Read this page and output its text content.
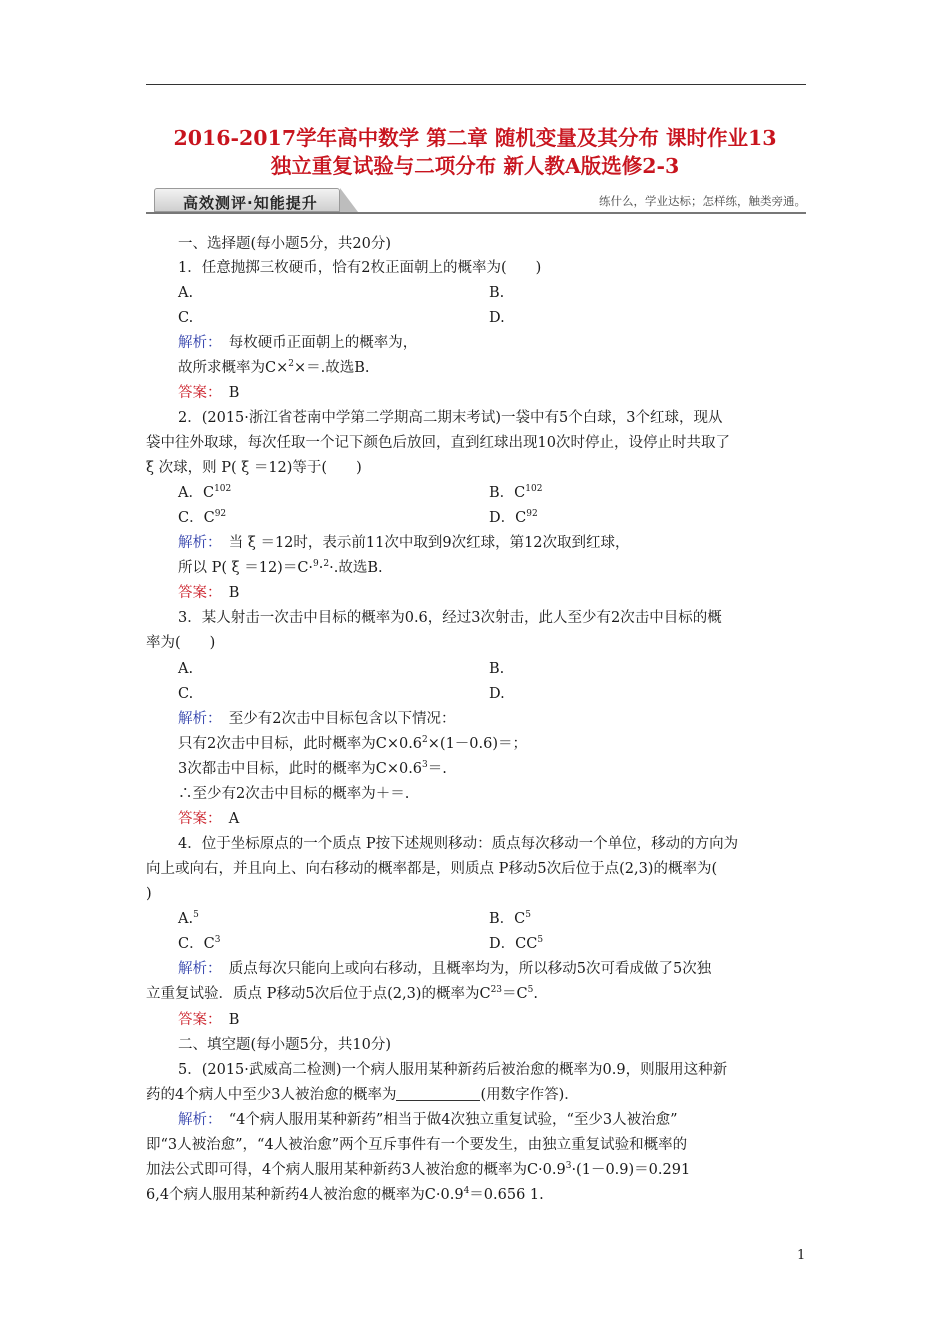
2016-2017学年高中数学 第二章 随机变量及其分布 课时作业13
独立重复试验与二项分布 新人教A版选修2-3
高效测评·知能提升	练什么，学业达标；怎样练，触类旁通。
一、选择题(每小题5分，共20分)
1．任意抛掷三枚硬币，恰有2枚正面朝上的概率为(　　)
A.	B.
C.	D.
解析：　 每枚硬币正面朝上的概率为，
故所求概率为C×$^2$×＝.故选B.
答案：　 B
2．(2015·浙江省苍南中学第二学期高二期末考试)一袋中有5个白球，3个红球，现从
袋中往外取球，每次任取一个记下颜色后放回，直到红球出现10次时停止，设停止时共取了
ξ 次球，则 P( ξ ＝12)等于(　　)
A．$C^{102}$	B．$C^{102}$
C．$C^{92}$	D．$C^{92}$
解析：　 当 ξ ＝12时，表示前11次中取到9次红球，第12次取到红球，
所以 P( ξ ＝12)＝C·$^9$·$^2$·.故选B.
答案：　 B
3．某人射击一次击中目标的概率为0.6，经过3次射击，此人至少有2次击中目标的概
率为(　　)
A.	B.
C.	D.
解析：　 至少有2次击中目标包含以下情况：
只有2次击中目标，此时概率为$C\times 0.6^2\times(1-0.6)=$；
3次都击中目标，此时的概率为$C\times 0.6^3=$.
∴至少有2次击中目标的概率为＋＝.
答案：　 A
4．位于坐标原点的一个质点 P按下述规则移动：质点每次移动一个单位，移动的方向为
向上或向右，并且向上、向右移动的概率都是，则质点 P移动5次后位于点(2,3)的概率为(
)
A.$^5$	B．$C^5$
C．$C^3$	D．$CC^5$
解析：　 质点每次只能向上或向右移动，且概率均为，所以移动5次可看成做了5次独
立重复试验．质点 P移动5次后位于点(2,3)的概率为$C^{23}=C^5$.
答案：　 B
二、填空题(每小题5分，共10分)
5．(2015·武威高二检测)一个病人服用某种新药后被治愈的概率为0.9，则服用这种新
药的4个病人中至少3人被治愈的概率为	(用数字作答)．
解析：　 “4个病人服用某种新药”相当于做4次独立重复试验，“至少3人被治愈”
即“3人被治愈”，“4人被治愈”两个互斥事件有一个要发生，由独立重复试验和概率的
加法公式即可得，4个病人服用某种新药3人被治愈的概率为$C\cdot 0.9^3\cdot(1-0.9)=0.291$
6,4个病人服用某种新药4人被治愈的概率为$C\cdot 0.9^4=0.656$ 1.
1
